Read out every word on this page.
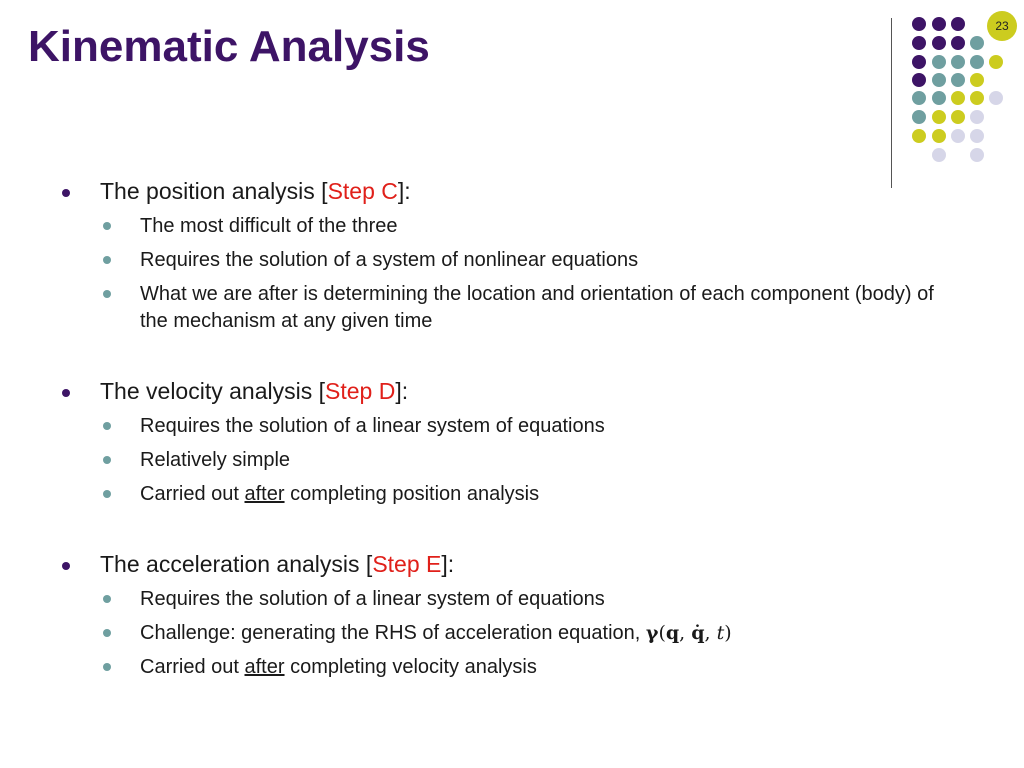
Kinematic Analysis	23
The position analysis [Step C]:
The most difficult of the three
Requires the solution of a system of nonlinear equations
What we are after is determining the location and orientation of each component (body) of the mechanism at any given time
The velocity analysis [Step D]:
Requires the solution of a linear system of equations
Relatively simple
Carried out after completing position analysis
The acceleration analysis [Step E]:
Requires the solution of a linear system of equations
Challenge: generating the RHS of acceleration equation, γ(q, q̇, t)
Carried out after completing velocity analysis
